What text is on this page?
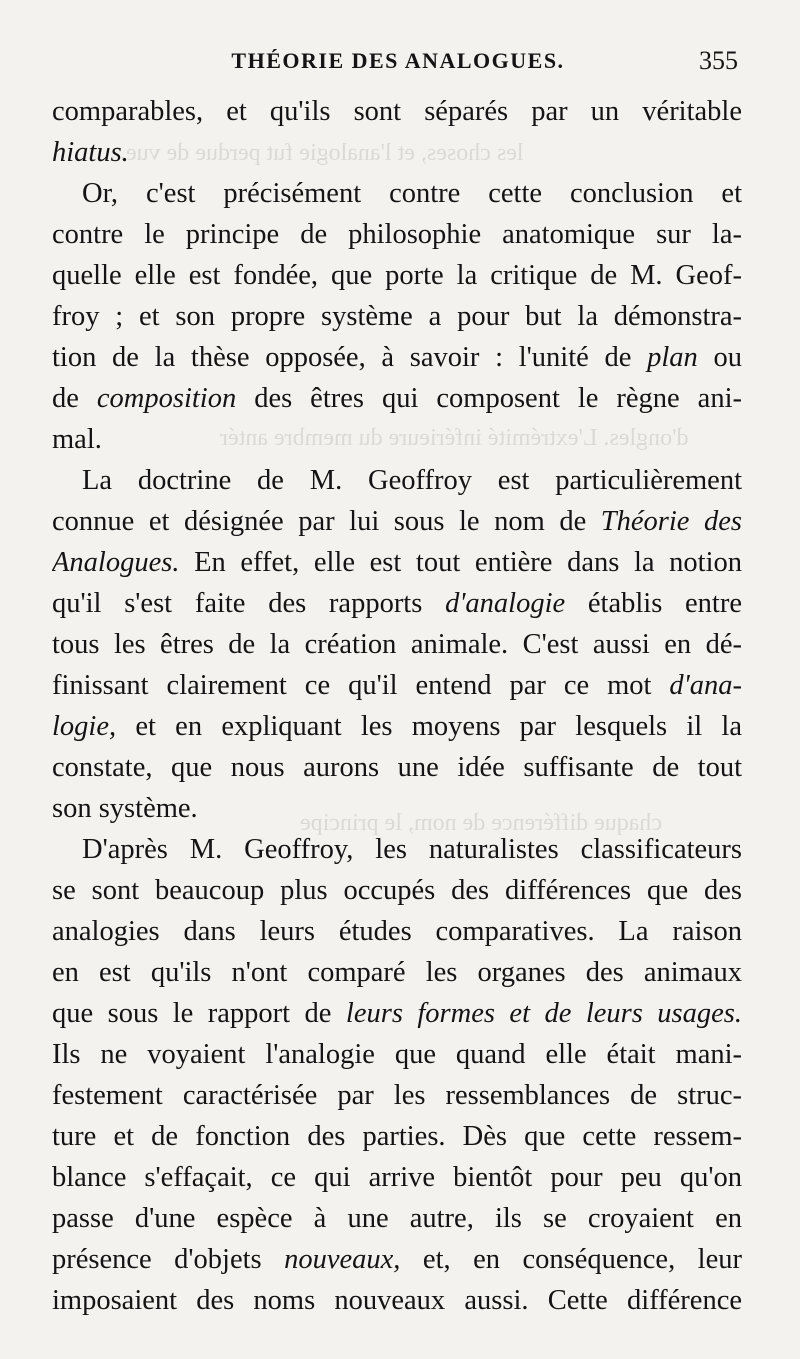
les choses, et l'analogie fut perdue de vue.
d'ongles. L'extrémité inférieure du membre antér
chaque différence de nom, le principe
THÉORIE DES ANALOGUES.	355
comparables, et qu'ils sont séparés par un véritable
hiatus.
Or, c'est précisément contre cette conclusion et
contre le principe de philosophie anatomique sur la-
quelle elle est fondée, que porte la critique de M. Geof-
froy ; et son propre système a pour but la démonstra-
tion de la thèse opposée, à savoir : l'unité de plan ou
de composition des êtres qui composent le règne ani-
mal.
La doctrine de M. Geoffroy est particulièrement
connue et désignée par lui sous le nom de Théorie des
Analogues. En effet, elle est tout entière dans la notion
qu'il s'est faite des rapports d'analogie établis entre
tous les êtres de la création animale. C'est aussi en dé-
finissant clairement ce qu'il entend par ce mot d'ana-
logie, et en expliquant les moyens par lesquels il la
constate, que nous aurons une idée suffisante de tout
son système.
D'après M. Geoffroy, les naturalistes classificateurs
se sont beaucoup plus occupés des différences que des
analogies dans leurs études comparatives. La raison
en est qu'ils n'ont comparé les organes des animaux
que sous le rapport de leurs formes et de leurs usages.
Ils ne voyaient l'analogie que quand elle était mani-
festement caractérisée par les ressemblances de struc-
ture et de fonction des parties. Dès que cette ressem-
blance s'effaçait, ce qui arrive bientôt pour peu qu'on
passe d'une espèce à une autre, ils se croyaient en
présence d'objets nouveaux, et, en conséquence, leur
imposaient des noms nouveaux aussi. Cette différence
